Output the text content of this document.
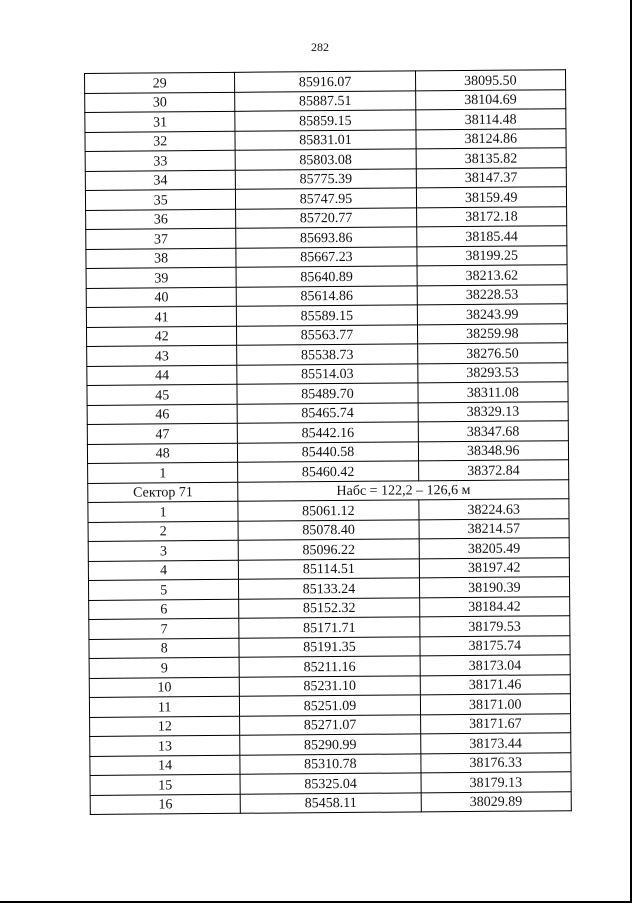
282
29	85916.07	38095.50
30	85887.51	38104.69
31	85859.15	38114.48
32	85831.01	38124.86
33	85803.08	38135.82
34	85775.39	38147.37
35	85747.95	38159.49
36	85720.77	38172.18
37	85693.86	38185.44
38	85667.23	38199.25
39	85640.89	38213.62
40	85614.86	38228.53
41	85589.15	38243.99
42	85563.77	38259.98
43	85538.73	38276.50
44	85514.03	38293.53
45	85489.70	38311.08
46	85465.74	38329.13
47	85442.16	38347.68
48	85440.58	38348.96
1	85460.42	38372.84
Сектор 71	Набс = 122,2 – 126,6 м	
1	85061.12	38224.63
2	85078.40	38214.57
3	85096.22	38205.49
4	85114.51	38197.42
5	85133.24	38190.39
6	85152.32	38184.42
7	85171.71	38179.53
8	85191.35	38175.74
9	85211.16	38173.04
10	85231.10	38171.46
11	85251.09	38171.00
12	85271.07	38171.67
13	85290.99	38173.44
14	85310.78	38176.33
15	85325.04	38179.13
16	85458.11	38029.89
